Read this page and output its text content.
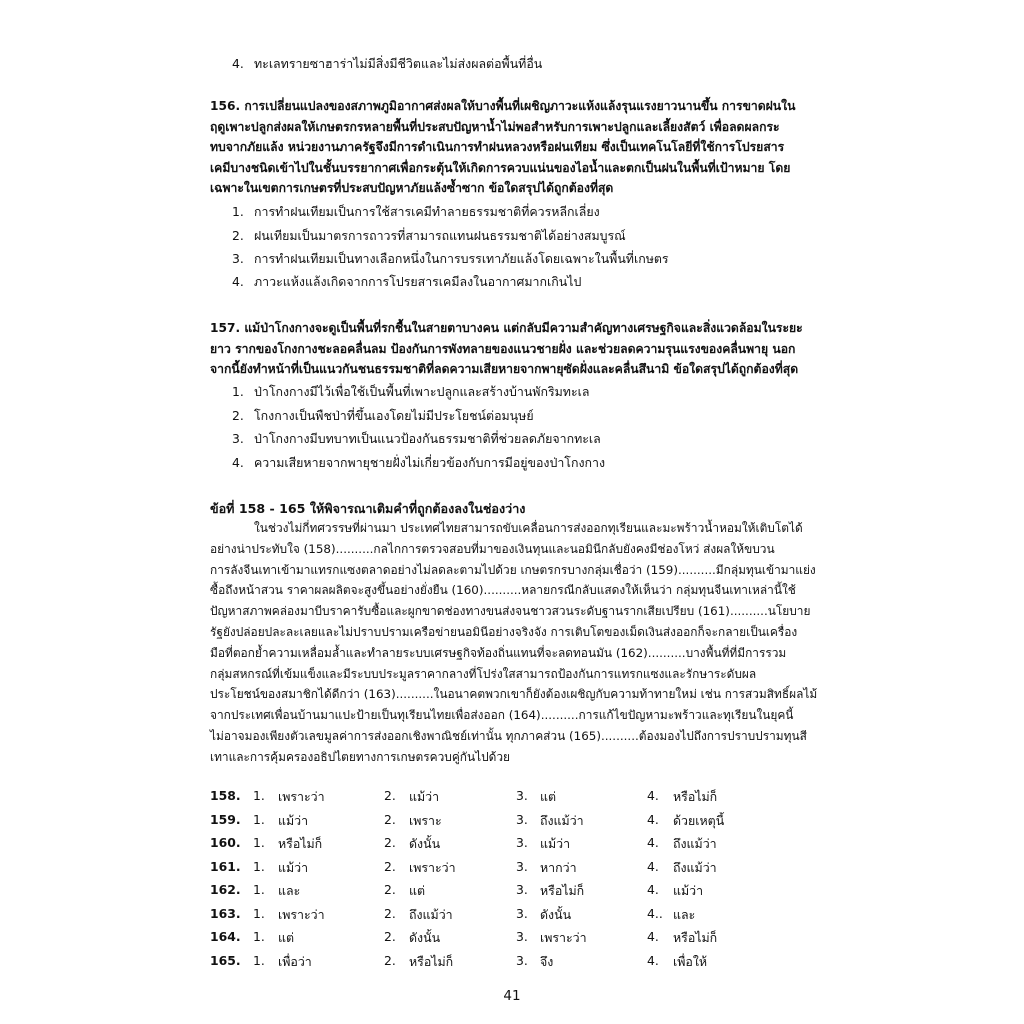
4. ทะเลทรายซาฮาร่าไม่มีสิ่งมีชีวิตและไม่ส่งผลต่อพื้นที่อื่น
156. การเปลี่ยนแปลงของสภาพภูมิอากาศส่งผลให้บางพื้นที่เผชิญภาวะแห้งแล้งรุนแรงยาวนานขึ้น การขาดฝนใน
ฤดูเพาะปลูกส่งผลให้เกษตรกรหลายพื้นที่ประสบปัญหาน้ำไม่พอสำหรับการเพาะปลูกและเลี้ยงสัตว์ เพื่อลดผลกระ
ทบจากภัยแล้ง หน่วยงานภาครัฐจึงมีการดำเนินการทำฝนหลวงหรือฝนเทียม ซึ่งเป็นเทคโนโลยีที่ใช้การโปรยสาร
เคมีบางชนิดเข้าไปในชั้นบรรยากาศเพื่อกระตุ้นให้เกิดการควบแน่นของไอน้ำและตกเป็นฝนในพื้นที่เป้าหมาย โดย
เฉพาะในเขตการเกษตรที่ประสบปัญหาภัยแล้งซ้ำซาก ข้อใดสรุปได้ถูกต้องที่สุด
1. การทำฝนเทียมเป็นการใช้สารเคมีทำลายธรรมชาติที่ควรหลีกเลี่ยง
2. ฝนเทียมเป็นมาตรการถาวรที่สามารถแทนฝนธรรมชาติได้อย่างสมบูรณ์
3. การทำฝนเทียมเป็นทางเลือกหนึ่งในการบรรเทาภัยแล้งโดยเฉพาะในพื้นที่เกษตร
4. ภาวะแห้งแล้งเกิดจากการโปรยสารเคมีลงในอากาศมากเกินไป
157. แม้ป่าโกงกางจะดูเป็นพื้นที่รกชื้นในสายตาบางคน แต่กลับมีความสำคัญทางเศรษฐกิจและสิ่งแวดล้อมในระยะ
ยาว รากของโกงกางชะลอคลื่นลม ป้องกันการพังทลายของแนวชายฝั่ง และช่วยลดความรุนแรงของคลื่นพายุ นอก
จากนี้ยังทำหน้าที่เป็นแนวกันชนธรรมชาติที่ลดความเสียหายจากพายุซัดฝั่งและคลื่นสึนามิ ข้อใดสรุปได้ถูกต้องที่สุด
1. ป่าโกงกางมีไว้เพื่อใช้เป็นพื้นที่เพาะปลูกและสร้างบ้านพักริมทะเล
2. โกงกางเป็นพืชป่าที่ขึ้นเองโดยไม่มีประโยชน์ต่อมนุษย์
3. ป่าโกงกางมีบทบาทเป็นแนวป้องกันธรรมชาติที่ช่วยลดภัยจากทะเล
4. ความเสียหายจากพายุชายฝั่งไม่เกี่ยวข้องกับการมีอยู่ของป่าโกงกาง
ข้อที่ 158 - 165 ให้พิจารณาเติมคำที่ถูกต้องลงในช่องว่าง
ในช่วงไม่กี่ทศวรรษที่ผ่านมา ประเทศไทยสามารถขับเคลื่อนการส่งออกทุเรียนและมะพร้าวน้ำหอมให้เติบโตได้
อย่างน่าประทับใจ (158)..........กลไกการตรวจสอบที่มาของเงินทุนและนอมินีกลับยังคงมีช่องโหว่ ส่งผลให้ขบวน
การลังจีนเทาเข้ามาแทรกแซงตลาดอย่างไม่ลดละตามไปด้วย เกษตรกรบางกลุ่มเชื่อว่า (159)..........มีกลุ่มทุนเข้ามาแย่ง
ซื้อถึงหน้าสวน ราคาผลผลิตจะสูงขึ้นอย่างยั่งยืน (160)..........หลายกรณีกลับแสดงให้เห็นว่า กลุ่มทุนจีนเทาเหล่านี้ใช้
ปัญหาสภาพคล่องมาบีบราคารับซื้อและผูกขาดช่องทางขนส่งจนชาวสวนระดับฐานรากเสียเปรียบ (161)..........นโยบาย
รัฐยังปล่อยปละละเลยและไม่ปราบปรามเครือข่ายนอมินีอย่างจริงจัง การเติบโตของเม็ดเงินส่งออกก็จะกลายเป็นเครื่อง
มือที่ตอกย้ำความเหลื่อมล้ำและทำลายระบบเศรษฐกิจท้องถิ่นแทนที่จะลดทอนมัน (162)..........บางพื้นที่ที่มีการรวม
กลุ่มสหกรณ์ที่เข้มแข็งและมีระบบประมูลราคากลางที่โปร่งใสสามารถป้องกันการแทรกแซงและรักษาระดับผล
ประโยชน์ของสมาชิกได้ดีกว่า (163)..........ในอนาคตพวกเขาก็ยังต้องเผชิญกับความท้าทายใหม่ เช่น การสวมสิทธิ์ผลไม้
จากประเทศเพื่อนบ้านมาแปะป้ายเป็นทุเรียนไทยเพื่อส่งออก (164)..........การแก้ไขปัญหามะพร้าวและทุเรียนในยุคนี้
ไม่อาจมองเพียงตัวเลขมูลค่าการส่งออกเชิงพาณิชย์เท่านั้น ทุกภาคส่วน (165)..........ต้องมองไปถึงการปราบปรามทุนสี
เทาและการคุ้มครองอธิปไตยทางการเกษตรควบคู่กันไปด้วย
158. 1. เพราะว่า	2. แม้ว่า	3. แต่	4. หรือไม่ก็
159. 1. แม้ว่า	2. เพราะ	3. ถึงแม้ว่า	4. ด้วยเหตุนี้
160. 1. หรือไม่ก็	2. ดังนั้น	3. แม้ว่า	4. ถึงแม้ว่า
161. 1. แม้ว่า	2. เพราะว่า	3. หากว่า	4. ถึงแม้ว่า
162. 1. และ	2. แต่	3. หรือไม่ก็	4. แม้ว่า
163. 1. เพราะว่า	2. ถึงแม้ว่า	3. ดังนั้น	4.. และ
164. 1. แต่	2. ดังนั้น	3. เพราะว่า	4. หรือไม่ก็
165. 1. เพื่อว่า	2. หรือไม่ก็	3. จึง	4. เพื่อให้
41
